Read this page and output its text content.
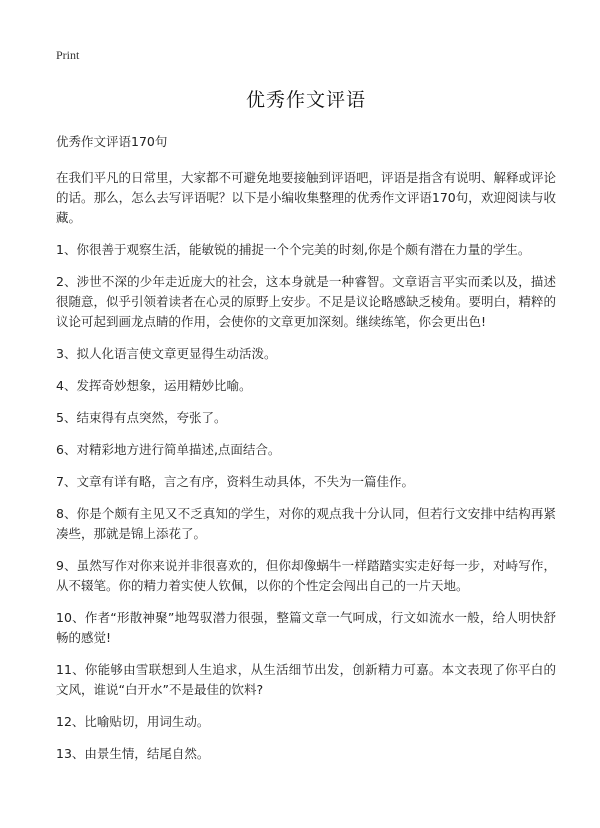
Print
优秀作文评语

优秀作文评语170句

在我们平凡的日常里，大家都不可避免地要接触到评语吧，评语是指含有说明、解释或评论的话。那么，怎么去写评语呢？以下是小编收集整理的优秀作文评语170句，欢迎阅读与收藏。

1、你很善于观察生活，能敏锐的捕捉一个个完美的时刻,你是个颇有潜在力量的学生。

2、涉世不深的少年走近庞大的社会，这本身就是一种睿智。文章语言平实而柔以及，描述很随意，似乎引领着读者在心灵的原野上安步。不足是议论略感缺乏棱角。要明白，精粹的议论可起到画龙点睛的作用，会使你的文章更加深刻。继续练笔，你会更出色!

3、拟人化语言使文章更显得生动活泼。

4、发挥奇妙想象，运用精妙比喻。

5、结束得有点突然，夸张了。

6、对精彩地方进行简单描述,点面结合。

7、文章有详有略，言之有序，资料生动具体，不失为一篇佳作。

8、你是个颇有主见又不乏真知的学生，对你的观点我十分认同，但若行文安排中结构再紧凑些，那就是锦上添花了。

9、虽然写作对你来说并非很喜欢的，但你却像蜗牛一样踏踏实实走好每一步，对峙写作，从不辍笔。你的精力着实使人钦佩，以你的个性定会闯出自己的一片天地。

10、作者“形散神聚”地驾驭潜力很强，整篇文章一气呵成，行文如流水一般，给人明快舒畅的感觉!

11、你能够由雪联想到人生追求，从生活细节出发，创新精力可嘉。本文表现了你平白的文风，谁说“白开水”不是最佳的饮料?

12、比喻贴切，用词生动。

13、由景生情，结尾自然。
